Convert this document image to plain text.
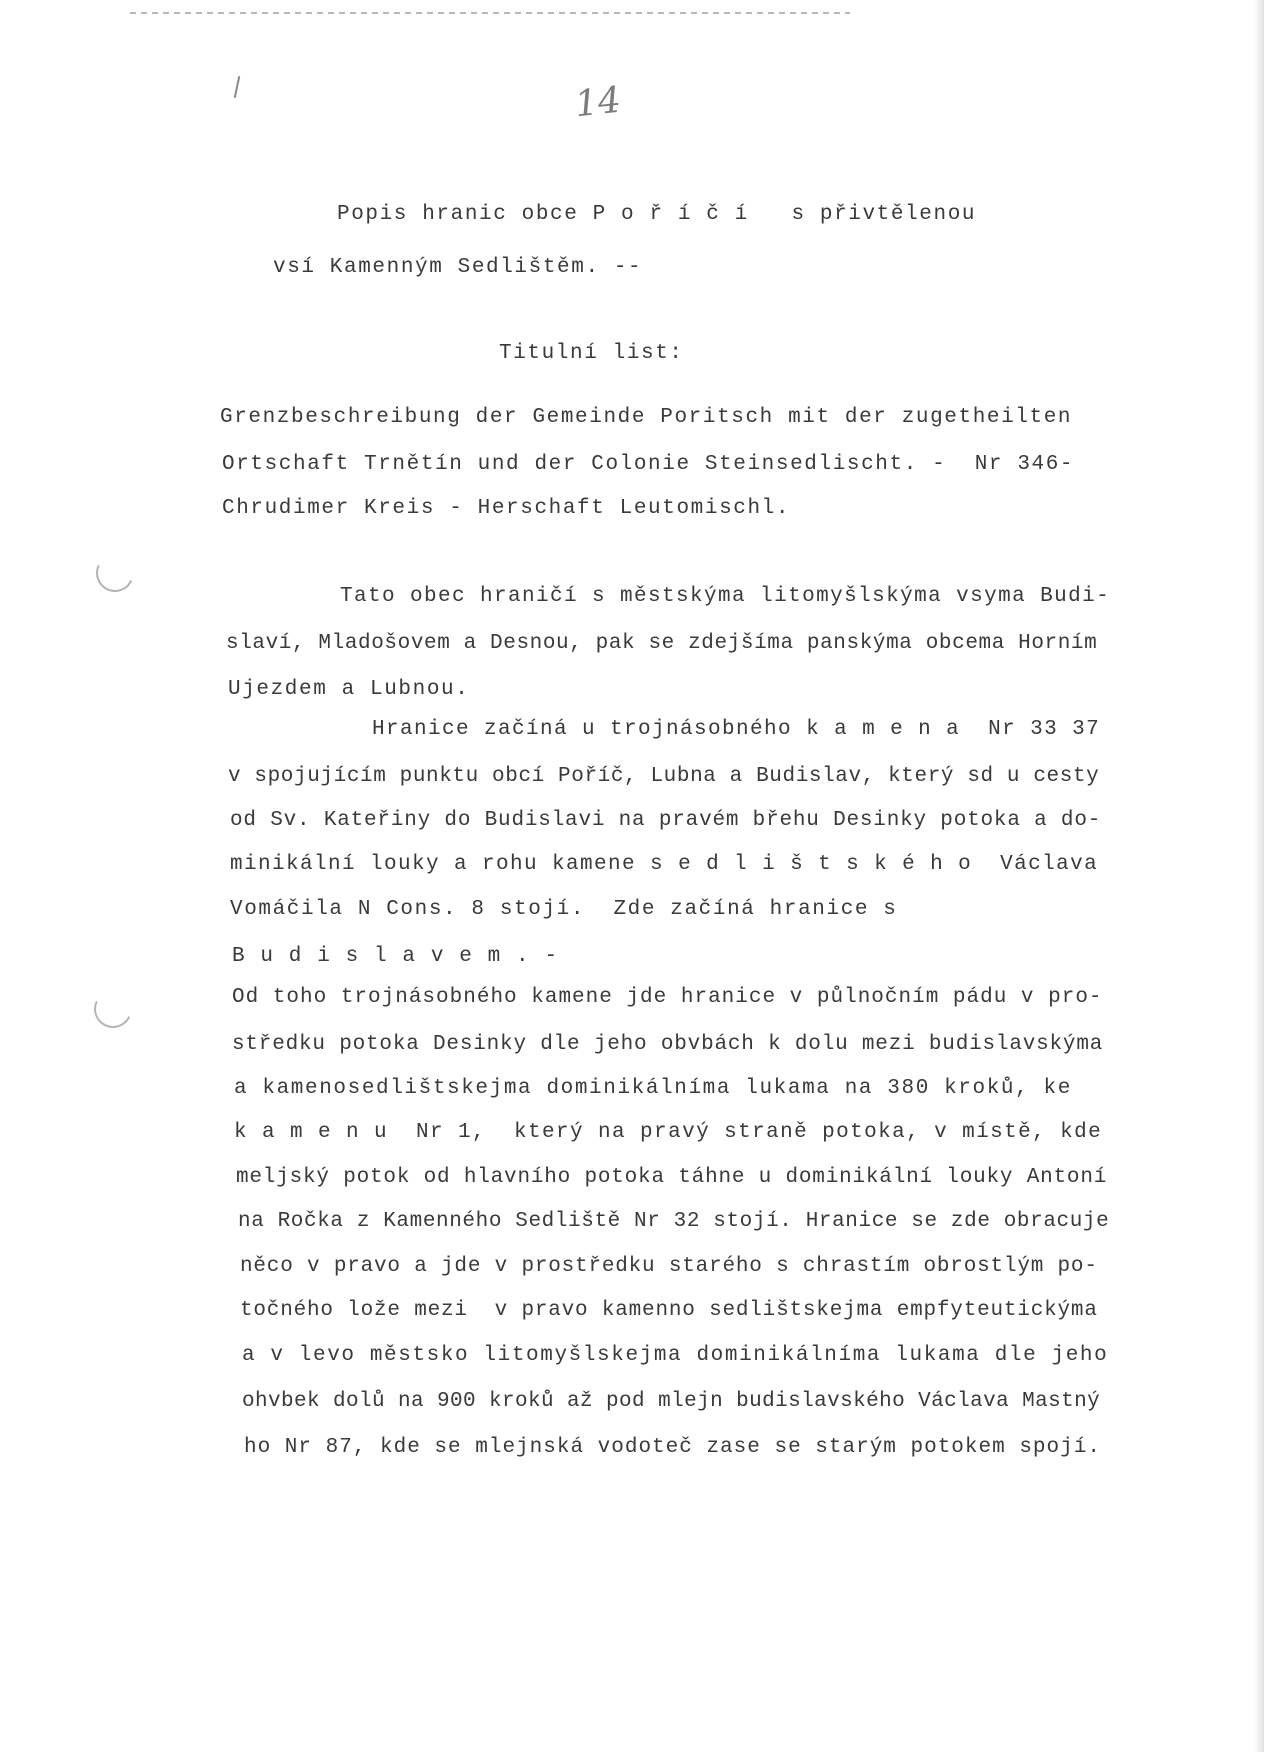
14
Popis hranic obce P o ř í č í   s přivtělenou
vsí Kamenným Sedlištěm. --
Titulní list:
Grenzbeschreibung der Gemeinde Poritsch mit der zugetheilten
Ortschaft Trnětín und der Colonie Steinsedlischt. -  Nr 346-
Chrudimer Kreis - Herschaft Leutomischl.
Tato obec hraničí s městskýma litomyšlskýma vsyma Budi-
slaví, Mladošovem a Desnou, pak se zdejšíma panskýma obcema Horním
Ujezdem a Lubnou.
Hranice začíná u trojnásobného k a m e n a  Nr 33 37
v spojujícím punktu obcí Poříč, Lubna a Budislav, který sd u cesty
od Sv. Kateřiny do Budislavi na pravém břehu Desinky potoka a do-
minikální louky a rohu kamene s e d l i š t s k é h o  Václava
Vomáčila N Cons. 8 stojí.  Zde začíná hranice s
B u d i s l a v e m . -
Od toho trojnásobného kamene jde hranice v půlnočním pádu v pro-
středku potoka Desinky dle jeho obvbách k dolu mezi budislavskýma
a kamenosedlištskejma dominikálníma lukama na 380 kroků, ke
k a m e n u  Nr 1,  který na pravý straně potoka, v místě, kde
meljský potok od hlavního potoka táhne u dominikální louky Antoní
na Ročka z Kamenného Sedliště Nr 32 stojí. Hranice se zde obracuje
něco v pravo a jde v prostředku starého s chrastím obrostlým po-
točného lože mezi  v pravo kamenno sedlištskejma empfyteutickýma
a v levo městsko litomyšlskejma dominikálníma lukama dle jeho
ohvbek dolů na 900 kroků až pod mlejn budislavského Václava Mastný
ho Nr 87, kde se mlejnská vodoteč zase se starým potokem spojí.
